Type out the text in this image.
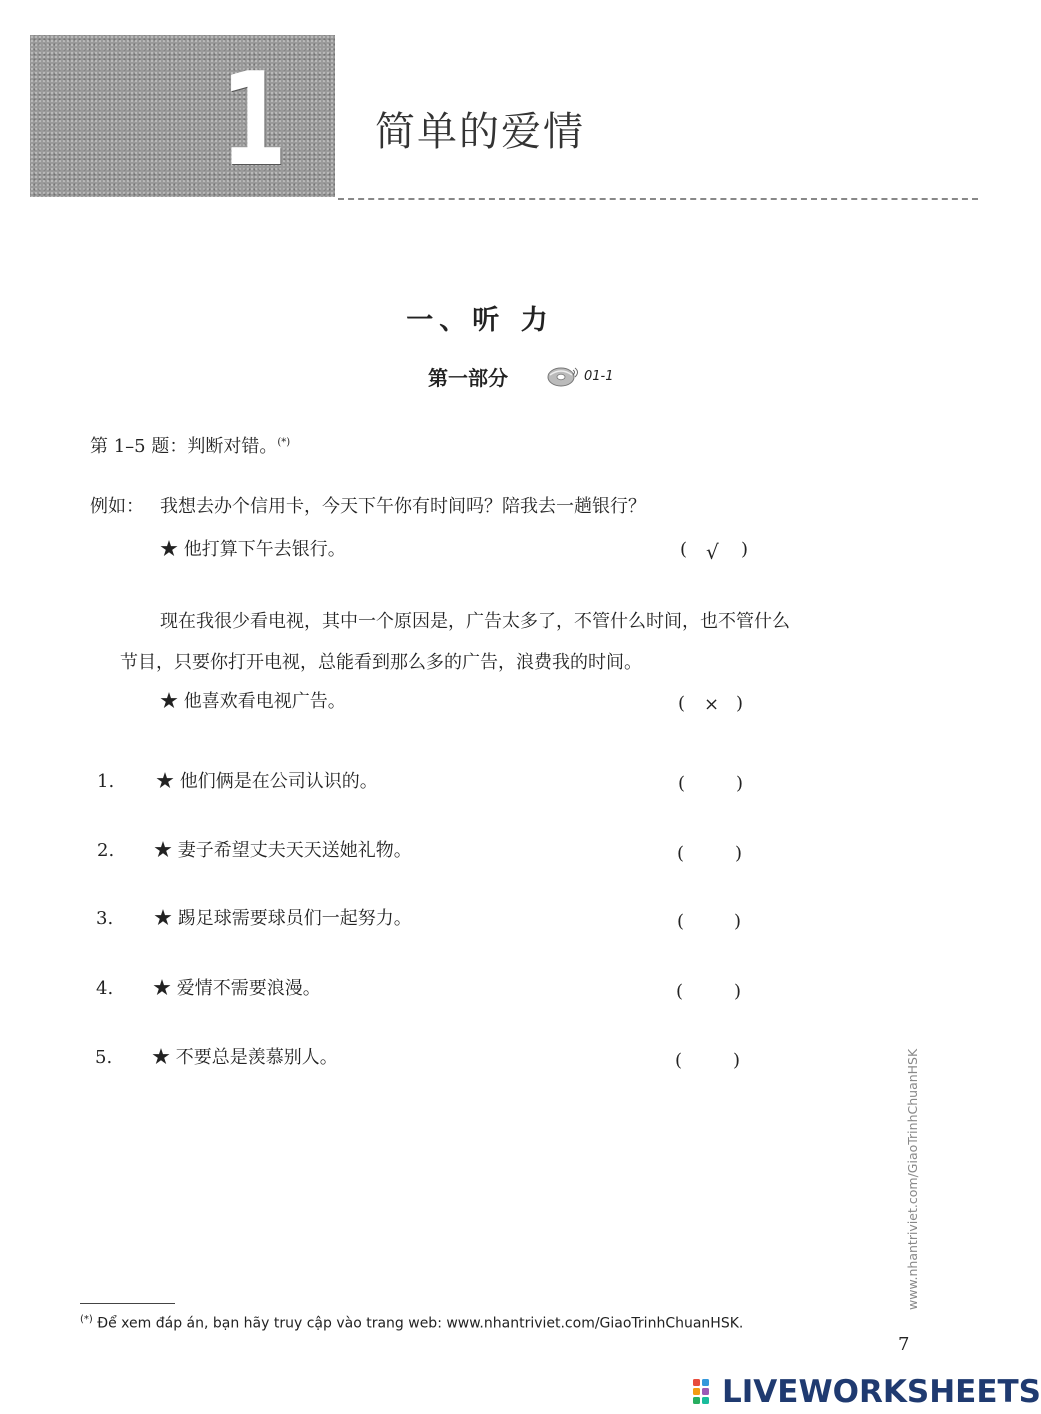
1 简单的爱情
一、听 力
第一部分	01-1
第 1–5 题：判断对错。(*)
例如： 我想去办个信用卡，今天下午你有时间吗？陪我去一趟银行？
★ 他打算下午去银行。	( √ )
现在我很少看电视，其中一个原因是，广告太多了，不管什么时间，也不管什么
节目，只要你打开电视，总能看到那么多的广告，浪费我的时间。
★ 他喜欢看电视广告。	( × )
1. ★ 他们俩是在公司认识的。	(	)
2. ★ 妻子希望丈夫天天送她礼物。	(	)
3. ★ 踢足球需要球员们一起努力。	(	)
4. ★ 爱情不需要浪漫。	(	)
5. ★ 不要总是羡慕别人。	(	)
(*) Để xem đáp án, bạn hãy truy cập vào trang web: www.nhantriviet.com/GiaoTrinhChuanHSK.
www.nhantriviet.com/GiaoTrinhChuanHSK
7
LIVEWORKSHEETS
